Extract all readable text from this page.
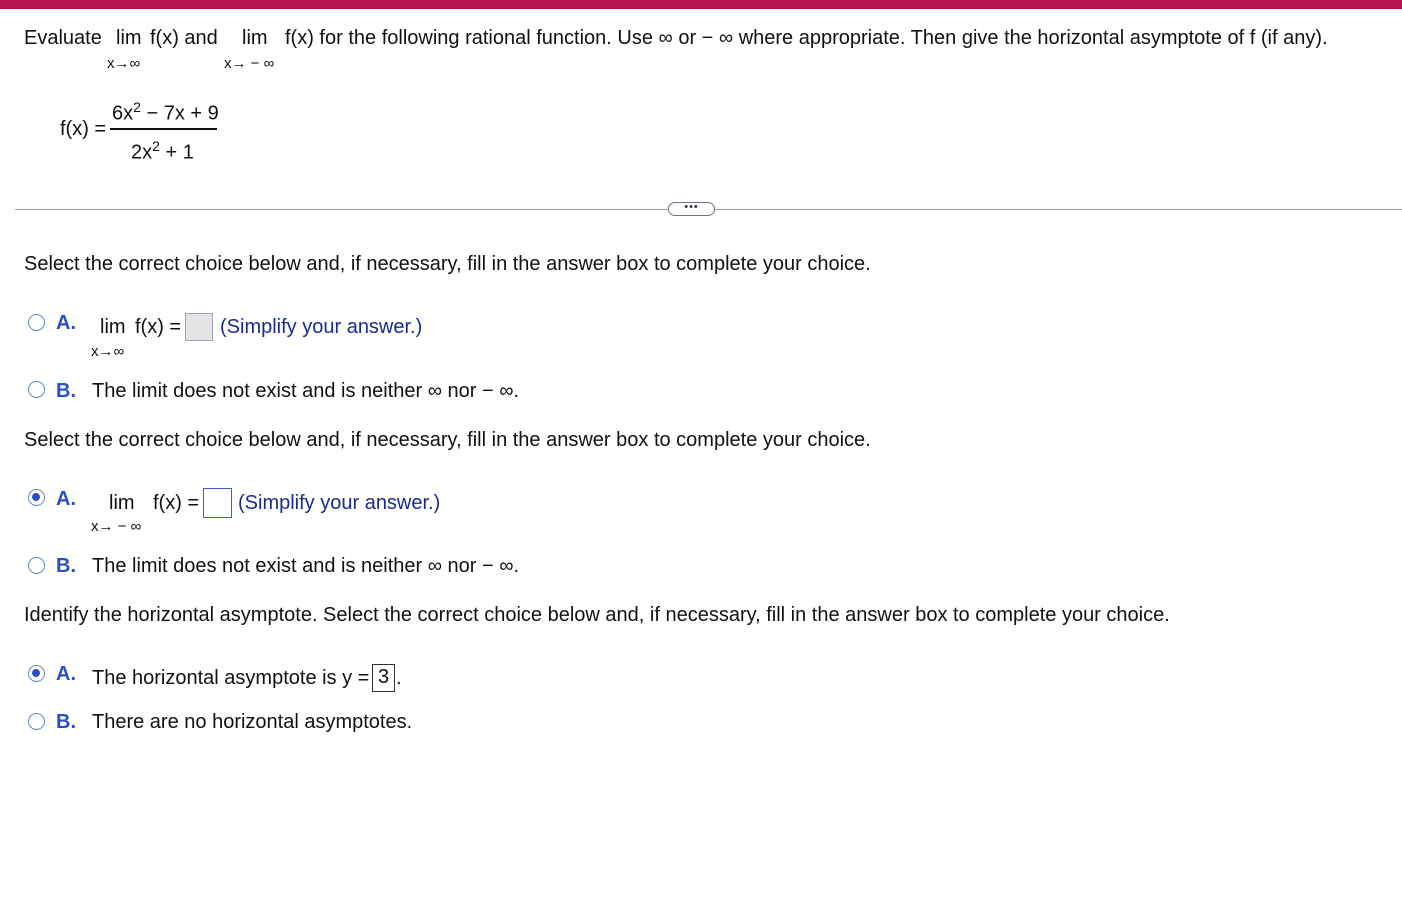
Evaluate lim f(x) and lim f(x) for the following rational function. Use ∞ or − ∞ where appropriate. Then give the horizontal asymptote of f (if any).
x→∞	x→ − ∞
f(x) =
$6x^2 - 7x + 9$
$2x^2 + 1$
•••
Select the correct choice below and, if necessary, fill in the answer box to complete your choice.
A. lim f(x) =
x→∞
(Simplify your answer.)
B. The limit does not exist and is neither ∞ nor − ∞.
Select the correct choice below and, if necessary, fill in the answer box to complete your choice.
A. lim f(x) =
x→ − ∞
(Simplify your answer.)
B. The limit does not exist and is neither ∞ nor − ∞.
Identify the horizontal asymptote. Select the correct choice below and, if necessary, fill in the answer box to complete your choice.
A. The horizontal asymptote is y = 3 .
B. There are no horizontal asymptotes.
